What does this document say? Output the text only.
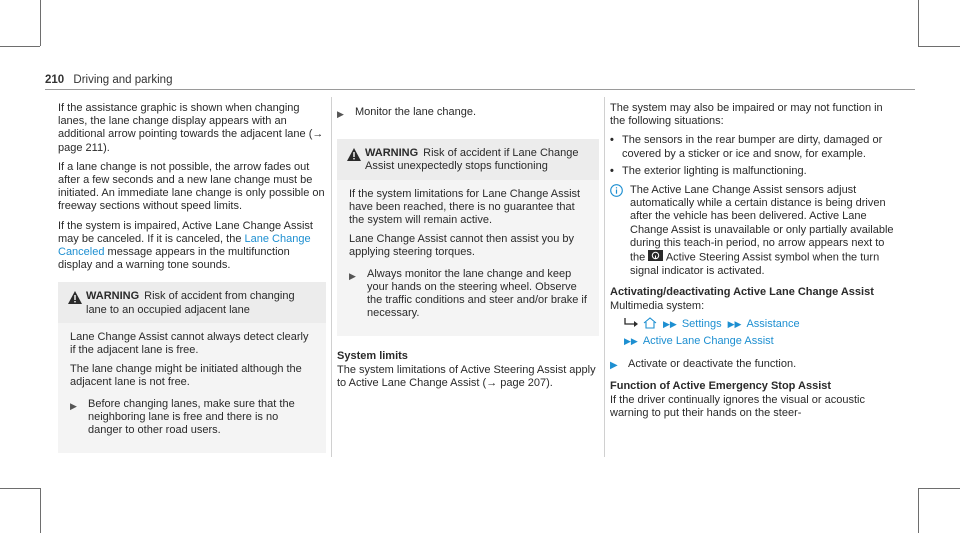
210 Driving and parking

If the assistance graphic is shown when changing lanes, the lane change display appears with an additional arrow pointing towards the adjacent lane (→ page 211).

If a lane change is not possible, the arrow fades out after a few seconds and a new lane change must be initiated. An immediate lane change is only possible on freeway sections without speed limits.

If the system is impaired, Active Lane Change Assist may be canceled. If it is canceled, the Lane Change Canceled message appears in the multifunction display and a warning tone sounds.

WARNING Risk of accident from changing lane to an occupied adjacent lane

Lane Change Assist cannot always detect clearly if the adjacent lane is free.

The lane change might be initiated although the adjacent lane is not free.

▶	Before changing lanes, make sure that the neighboring lane is free and there is no danger to other road users.
▶	Monitor the lane change.
WARNING Risk of accident if Lane Change Assist unexpectedly stops functioning

If the system limitations for Lane Change Assist have been reached, there is no guarantee that the system will remain active.

Lane Change Assist cannot then assist you by applying steering torques.

▶	Always monitor the lane change and keep your hands on the steering wheel. Observe the traffic conditions and steer and/or brake if necessary.
System limits

The system limitations of Active Steering Assist apply to Active Lane Change Assist (→ page 207).

The system may also be impaired or may not function in the following situations:

• The sensors in the rear bumper are dirty, damaged or covered by a sticker or ice and snow, for example.
• The exterior lighting is malfunctioning.
The Active Lane Change Assist sensors adjust automatically while a certain distance is being driven after the vehicle has been delivered. Active Lane Change Assist is unavailable or only partially available during this teach-in period, no arrow appears next to the Active Steering Assist symbol when the turn signal indicator is activated.
Activating/deactivating Active Lane Change Assist

Multimedia system:

▶▶ Settings ▶▶ Assistance
▶▶ Active Lane Change Assist
▶ Activate or deactivate the function.
Function of Active Emergency Stop Assist

If the driver continually ignores the visual or acoustic warning to put their hands on the steer-
